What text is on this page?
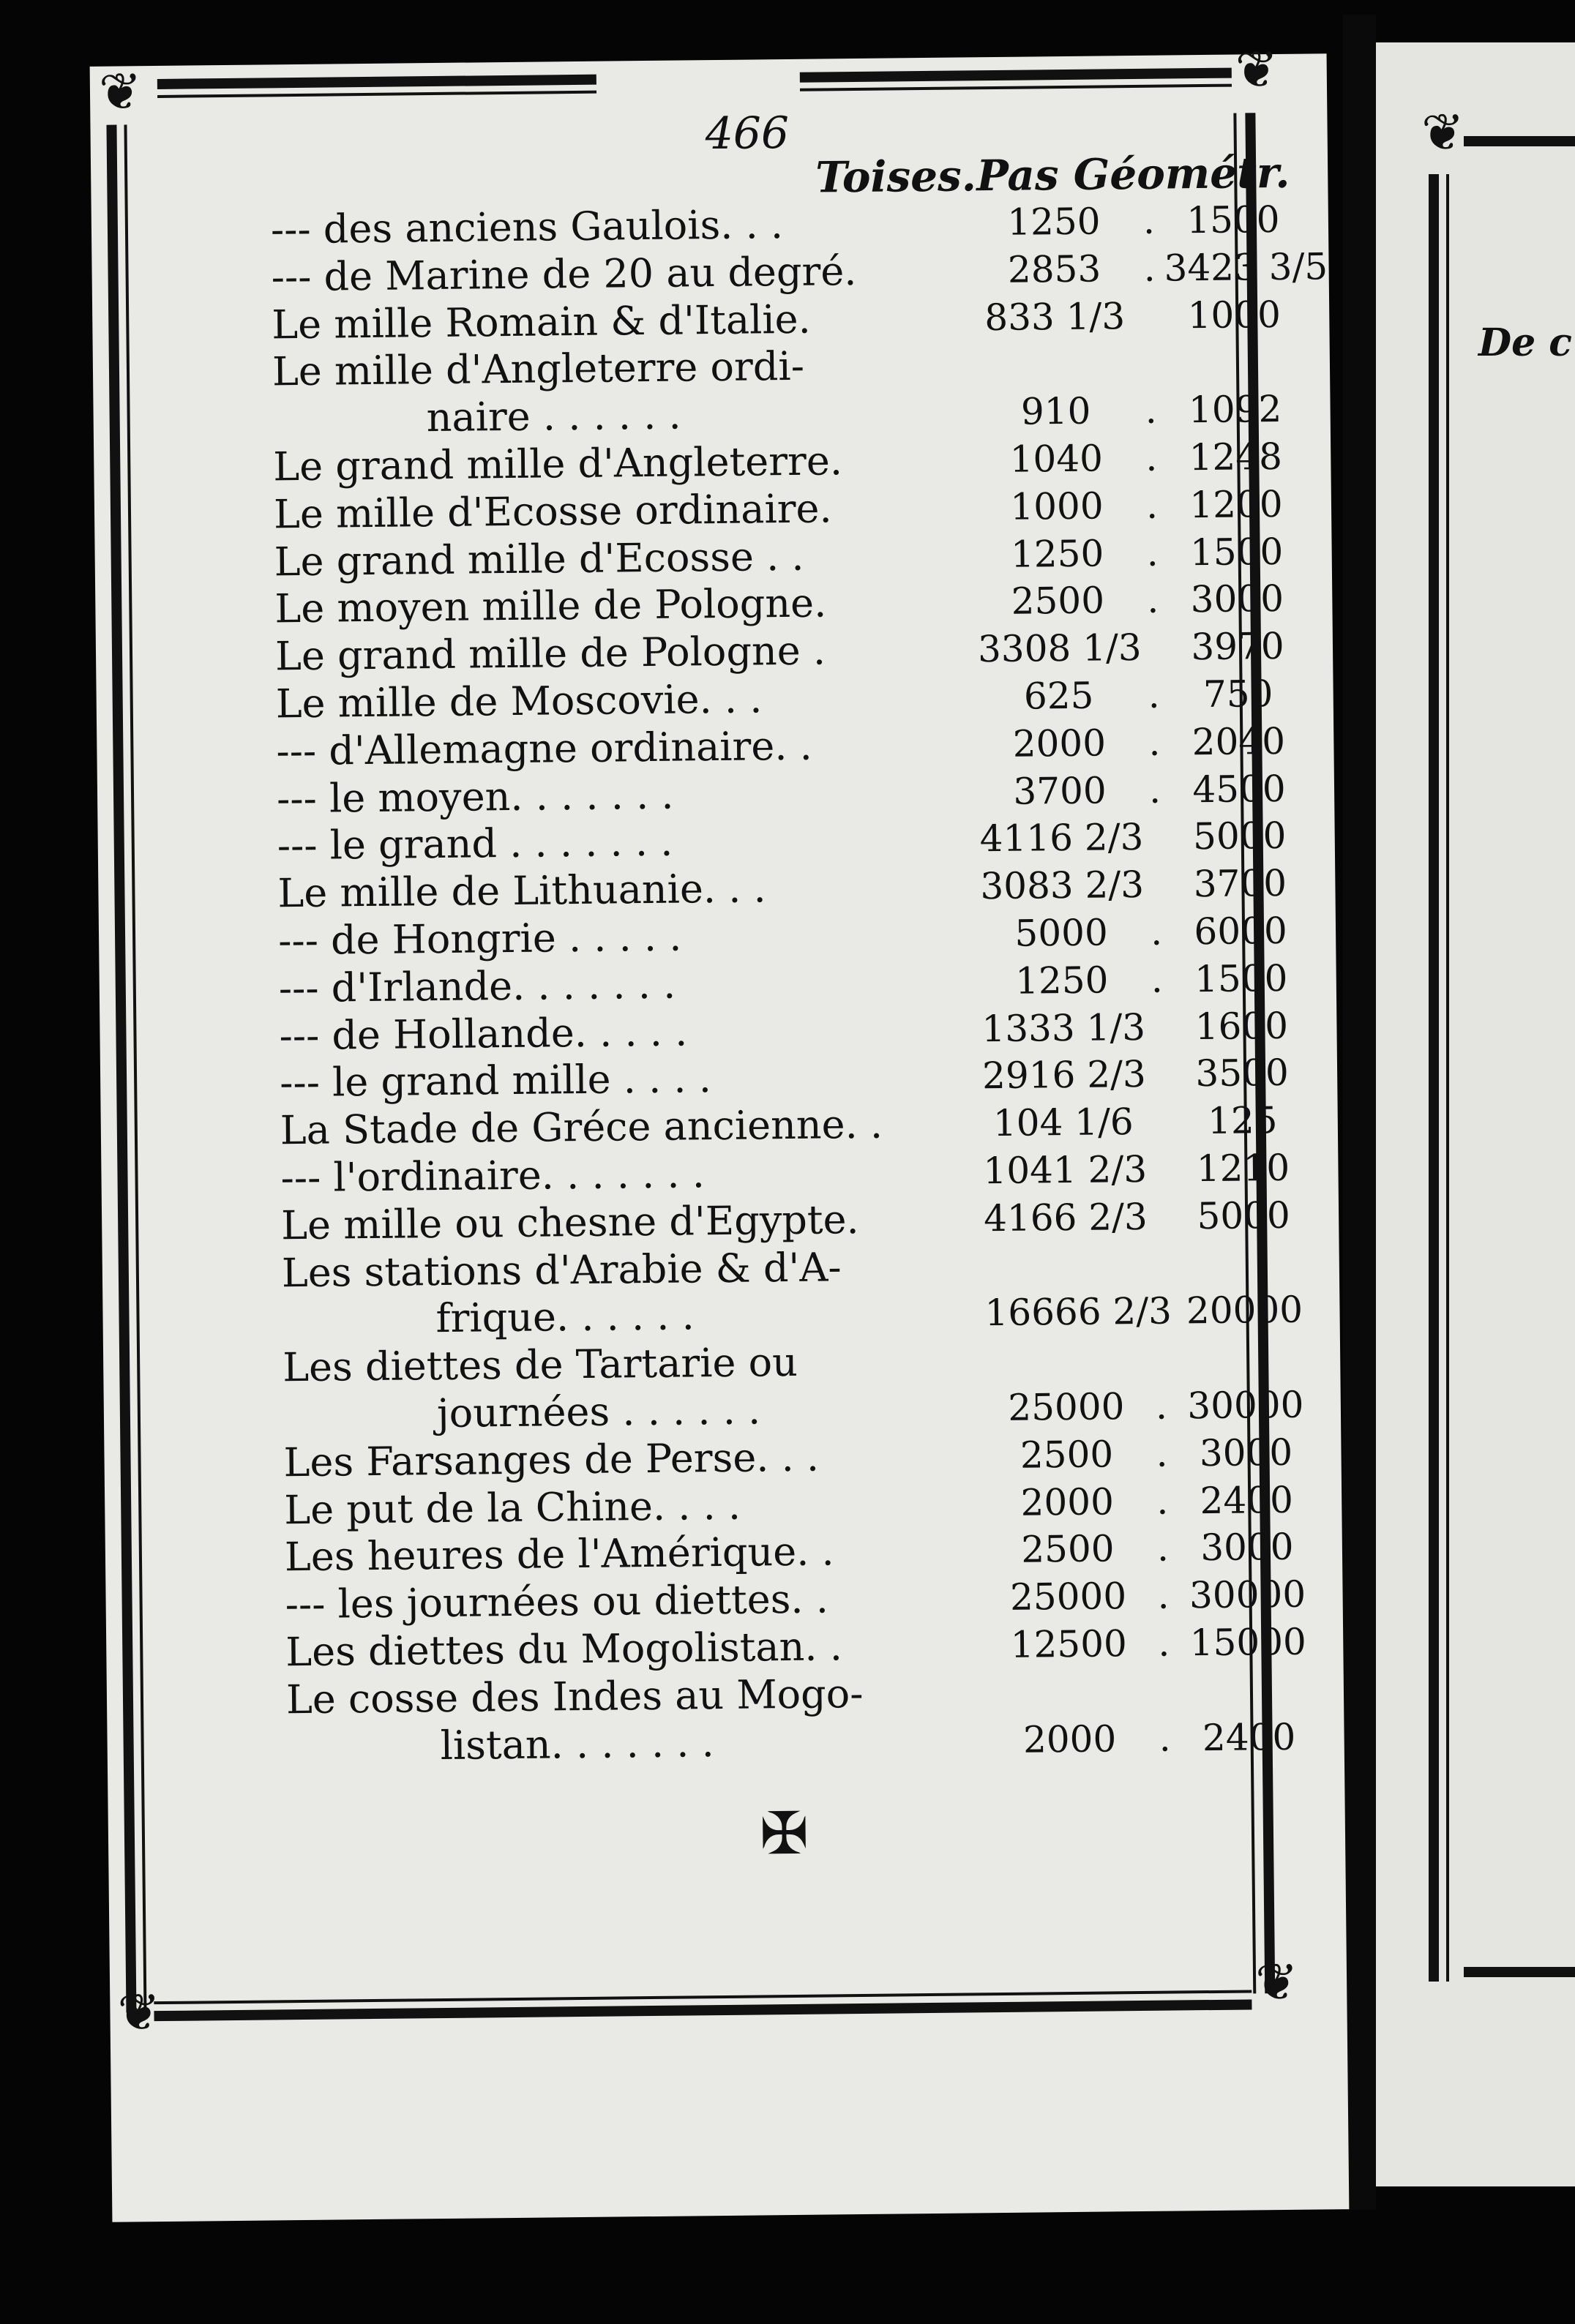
❦	❦
466
Toises. Pas Géométr.
--- des anciens Gaulois. . .	1250	. 1500
--- de Marine de 20 au degré.	2853	. 3423 3/5
Le mille Romain & d'Italie.	833 1/3	1000
Le mille d'Angleterre ordi-
naire . . . . . .	910	. 1092
Le grand mille d'Angleterre.	1040	. 1248
Le mille d'Ecosse ordinaire.	1000	. 1200
Le grand mille d'Ecosse . .	1250	. 1500
Le moyen mille de Pologne.	2500	. 3000
Le grand mille de Pologne .	3308 1/3	3970
Le mille de Moscovie. . .	625	.	750
--- d'Allemagne ordinaire. .	2000	. 2040
--- le moyen. . . . . . .	3700	. 4500
--- le grand . . . . . . .	4116 2/3	5000
Le mille de Lithuanie. . .	3083 2/3	3700
--- de Hongrie . . . . .	5000	. 6000
--- d'Irlande. . . . . . .	1250	. 1500
--- de Hollande. . . . .	1333 1/3	1600
--- le grand mille . . . .	2916 2/3	3500
La Stade de Gréce ancienne. .	104 1/6	125
--- l'ordinaire. . . . . . .	1041 2/3	1210
Le mille ou chesne d'Egypte.	4166 2/3	5000
Les stations d'Arabie & d'A-
frique. . . . . .	16666 2/3 20000
Les diettes de Tartarie ou
journées . . . . . .	25000 . 30000
Les Farsanges de Perse. . .	2500	. 3000
Le put de la Chine. . . .	2000	. 2400
Les heures de l'Amérique. .	2500	. 3000
--- les journées ou diettes. .	25000 . 30000
Les diettes du Mogolistan. .	12500 . 15000
Le cosse des Indes au Mogo-
listan. . . . . . .	2000	. 2400
✠
❦	❦
❦
De c
